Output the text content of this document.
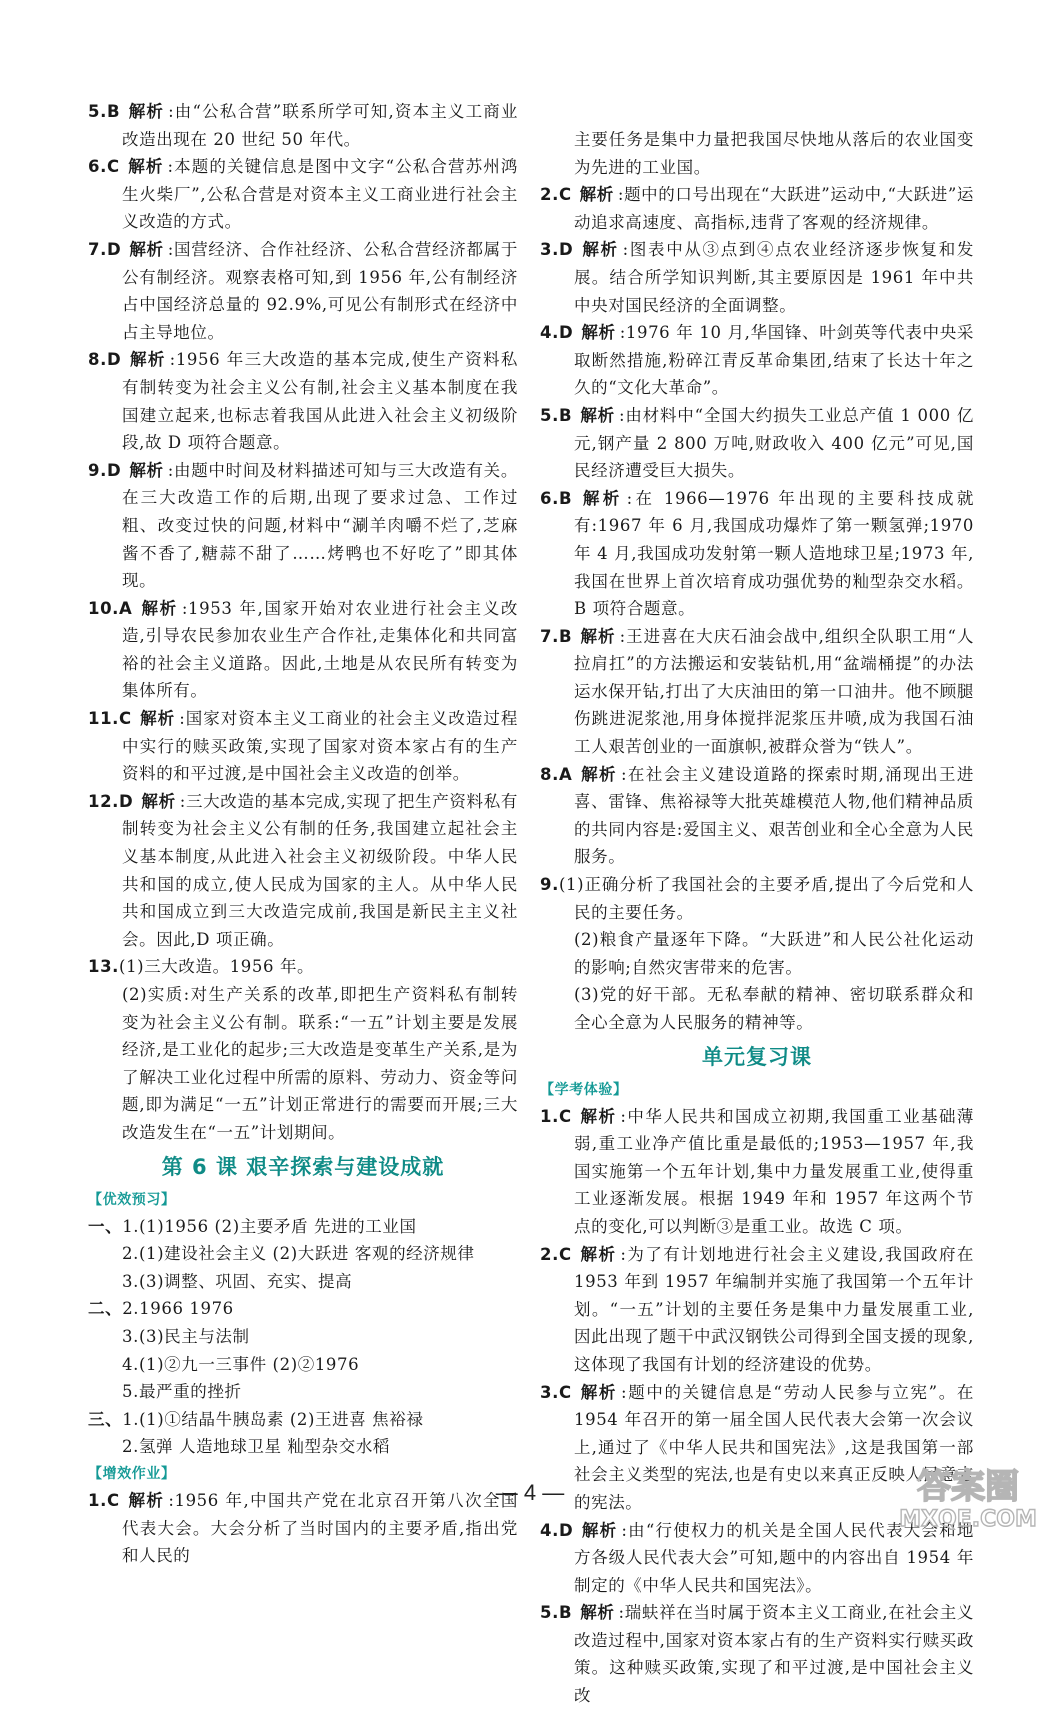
5.B 解析 :由“公私合营”联系所学可知,资本主义工商业改造出现在 20 世纪 50 年代。
6.C 解析 :本题的关键信息是图中文字“公私合营苏州鸿生火柴厂”,公私合营是对资本主义工商业进行社会主义改造的方式。
7.D 解析 :国营经济、合作社经济、公私合营经济都属于公有制经济。观察表格可知,到 1956 年,公有制经济占中国经济总量的 92.9%,可见公有制形式在经济中占主导地位。
8.D 解析 :1956 年三大改造的基本完成,使生产资料私有制转变为社会主义公有制,社会主义基本制度在我国建立起来,也标志着我国从此进入社会主义初级阶段,故 D 项符合题意。
9.D 解析 :由题中时间及材料描述可知与三大改造有关。在三大改造工作的后期,出现了要求过急、工作过粗、改变过快的问题,材料中“涮羊肉嚼不烂了,芝麻酱不香了,糖蒜不甜了……烤鸭也不好吃了”即其体现。
10.A 解析 :1953 年,国家开始对农业进行社会主义改造,引导农民参加农业生产合作社,走集体化和共同富裕的社会主义道路。因此,土地是从农民所有转变为集体所有。
11.C 解析 :国家对资本主义工商业的社会主义改造过程中实行的赎买政策,实现了国家对资本家占有的生产资料的和平过渡,是中国社会主义改造的创举。
12.D 解析 :三大改造的基本完成,实现了把生产资料私有制转变为社会主义公有制的任务,我国建立起社会主义基本制度,从此进入社会主义初级阶段。中华人民共和国的成立,使人民成为国家的主人。从中华人民共和国成立到三大改造完成前,我国是新民主主义社会。因此,D 项正确。
13.(1)三大改造。1956 年。
(2)实质:对生产关系的改革,即把生产资料私有制转变为社会主义公有制。联系:“一五”计划主要是发展经济,是工业化的起步;三大改造是变革生产关系,是为了解决工业化过程中所需的原料、劳动力、资金等问题,即为满足“一五”计划正常进行的需要而开展;三大改造发生在“一五”计划期间。
第 6 课 艰辛探索与建设成就
【优效预习】
一、1.(1)1956 (2)主要矛盾 先进的工业国
2.(1)建设社会主义 (2)大跃进 客观的经济规律
3.(3)调整、巩固、充实、提高
二、2.1966 1976
3.(3)民主与法制
4.(1)②九一三事件 (2)②1976
5.最严重的挫折
三、1.(1)①结晶牛胰岛素 (2)王进喜 焦裕禄
2.氢弹 人造地球卫星 籼型杂交水稻
【增效作业】
1.C 解析 :1956 年,中国共产党在北京召开第八次全国代表大会。大会分析了当时国内的主要矛盾,指出党和人民的
主要任务是集中力量把我国尽快地从落后的农业国变为先进的工业国。
2.C 解析 :题中的口号出现在“大跃进”运动中,“大跃进”运动追求高速度、高指标,违背了客观的经济规律。
3.D 解析 :图表中从③点到④点农业经济逐步恢复和发展。结合所学知识判断,其主要原因是 1961 年中共中央对国民经济的全面调整。
4.D 解析 :1976 年 10 月,华国锋、叶剑英等代表中央采取断然措施,粉碎江青反革命集团,结束了长达十年之久的“文化大革命”。
5.B 解析 :由材料中“全国大约损失工业总产值 1 000 亿元,钢产量 2 800 万吨,财政收入 400 亿元”可见,国民经济遭受巨大损失。
6.B 解析 :在 1966—1976 年出现的主要科技成就有:1967 年 6 月,我国成功爆炸了第一颗氢弹;1970 年 4 月,我国成功发射第一颗人造地球卫星;1973 年,我国在世界上首次培育成功强优势的籼型杂交水稻。B 项符合题意。
7.B 解析 :王进喜在大庆石油会战中,组织全队职工用“人拉肩扛”的方法搬运和安装钻机,用“盆端桶提”的办法运水保开钻,打出了大庆油田的第一口油井。他不顾腿伤跳进泥浆池,用身体搅拌泥浆压井喷,成为我国石油工人艰苦创业的一面旗帜,被群众誉为“铁人”。
8.A 解析 :在社会主义建设道路的探索时期,涌现出王进喜、雷锋、焦裕禄等大批英雄模范人物,他们精神品质的共同内容是:爱国主义、艰苦创业和全心全意为人民服务。
9.(1)正确分析了我国社会的主要矛盾,提出了今后党和人民的主要任务。
(2)粮食产量逐年下降。“大跃进”和人民公社化运动的影响;自然灾害带来的危害。
(3)党的好干部。无私奉献的精神、密切联系群众和全心全意为人民服务的精神等。
单元复习课
【学考体验】
1.C 解析 :中华人民共和国成立初期,我国重工业基础薄弱,重工业净产值比重是最低的;1953—1957 年,我国实施第一个五年计划,集中力量发展重工业,使得重工业逐渐发展。根据 1949 年和 1957 年这两个节点的变化,可以判断③是重工业。故选 C 项。
2.C 解析 :为了有计划地进行社会主义建设,我国政府在 1953 年到 1957 年编制并实施了我国第一个五年计划。“一五”计划的主要任务是集中力量发展重工业,因此出现了题干中武汉钢铁公司得到全国支援的现象,这体现了我国有计划的经济建设的优势。
3.C 解析 :题中的关键信息是“劳动人民参与立宪”。在 1954 年召开的第一届全国人民代表大会第一次会议上,通过了《中华人民共和国宪法》,这是我国第一部社会主义类型的宪法,也是有史以来真正反映人民意志的宪法。
4.D 解析 :由“行使权力的机关是全国人民代表大会和地方各级人民代表大会”可知,题中的内容出自 1954 年制定的《中华人民共和国宪法》。
5.B 解析 :瑞蚨祥在当时属于资本主义工商业,在社会主义改造过程中,国家对资本家占有的生产资料实行赎买政策。这种赎买政策,实现了和平过渡,是中国社会主义改
— 4 —	答案圈
MXQE.COM
